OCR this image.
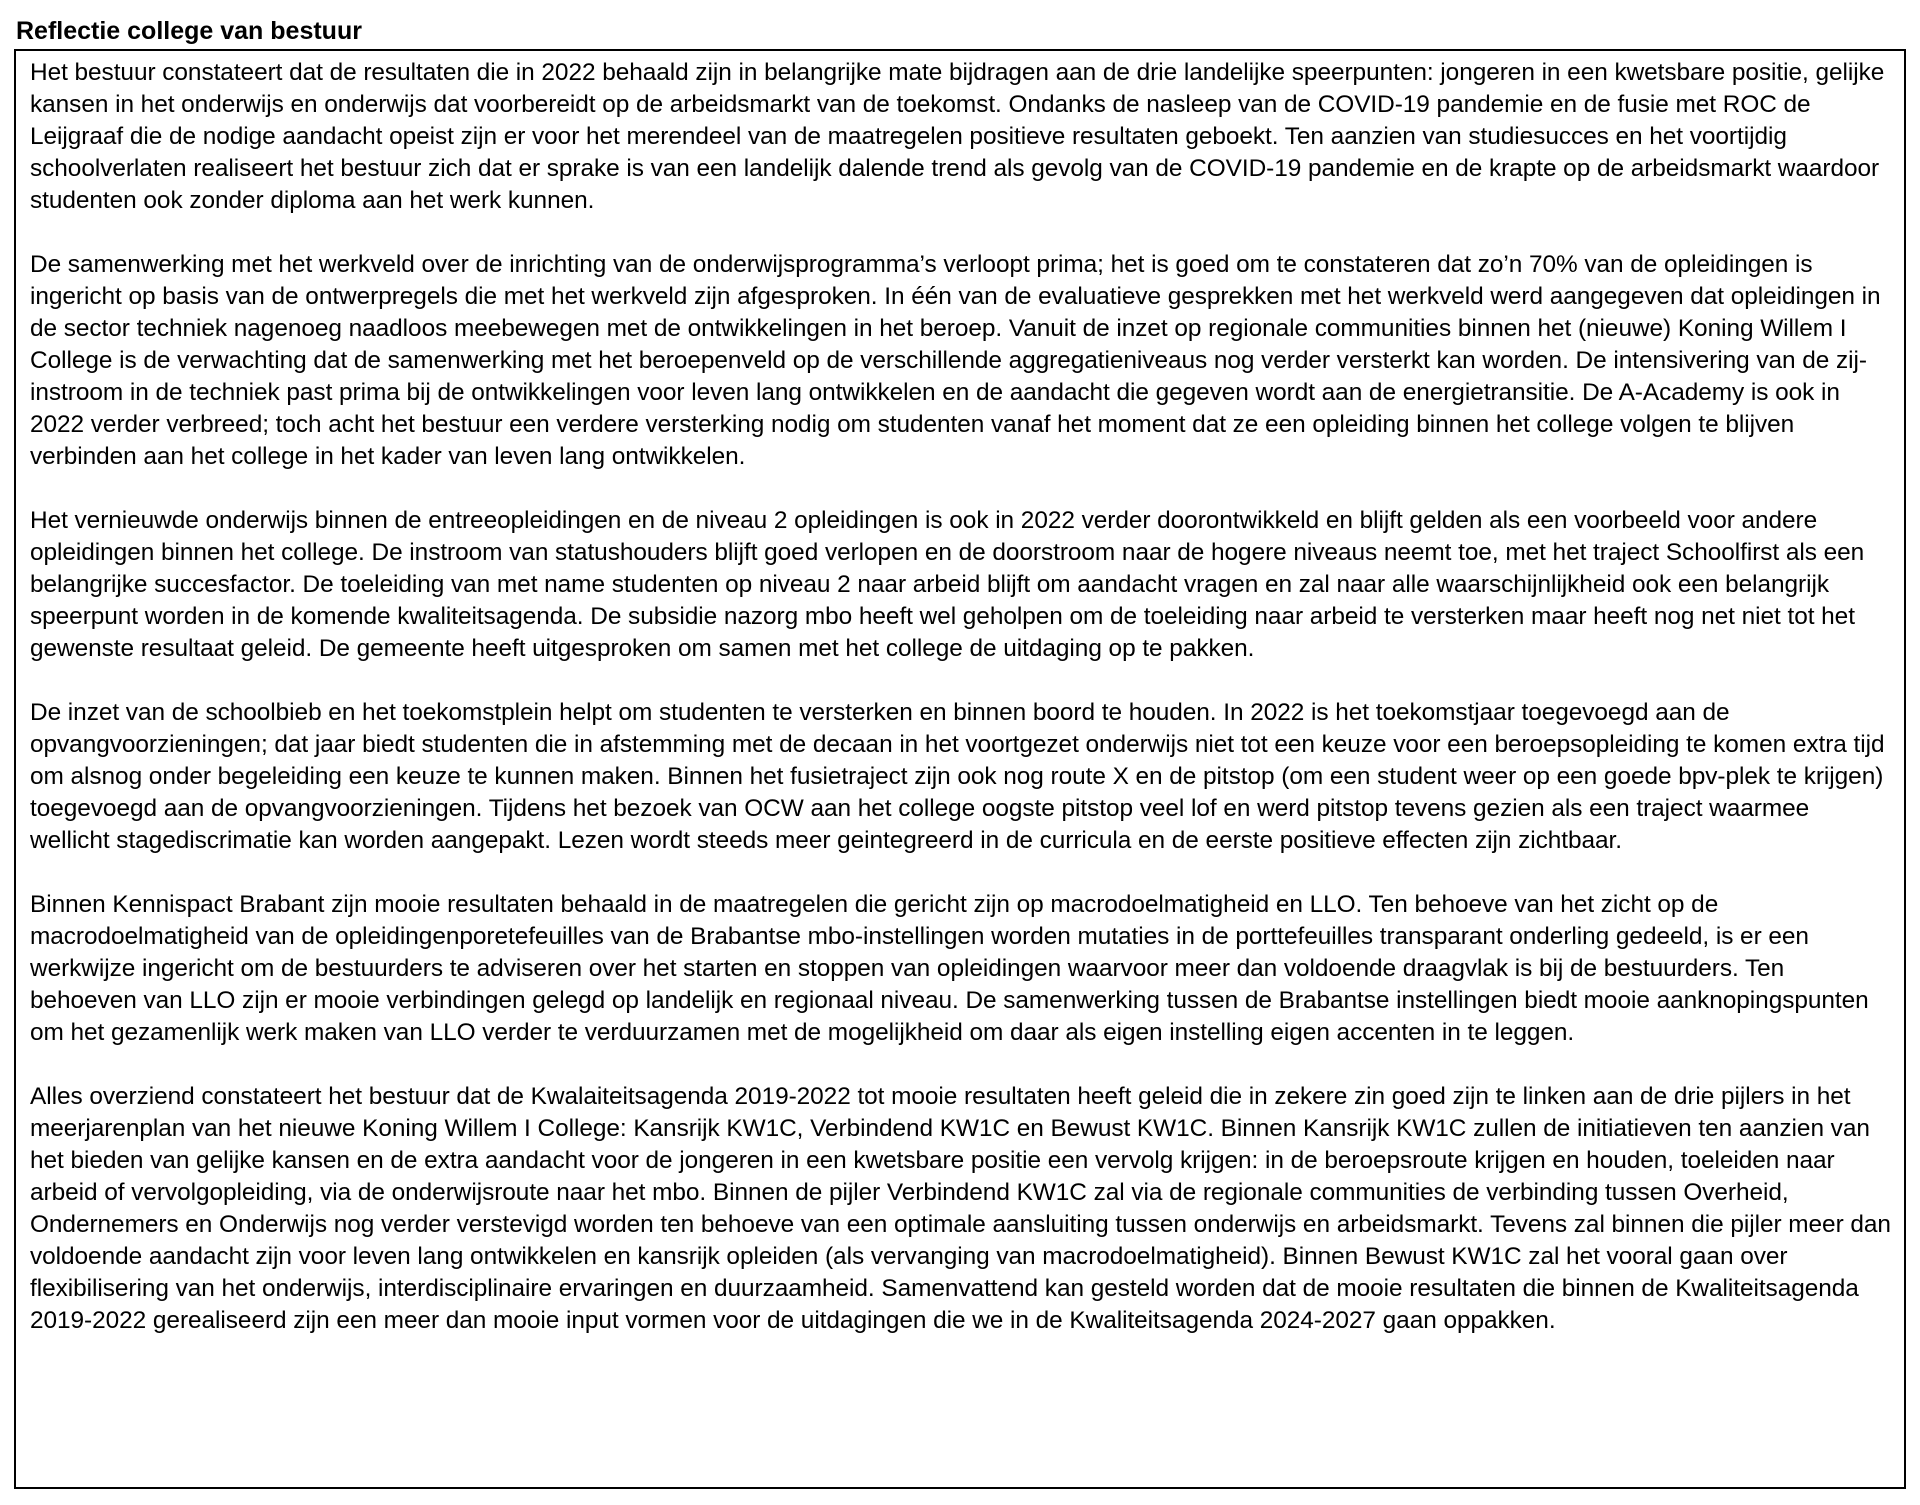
Reflectie college van bestuur

Het bestuur constateert dat de resultaten die in 2022 behaald zijn in belangrijke mate bijdragen aan de drie landelijke speerpunten: jongeren in een kwetsbare positie, gelijke kansen in het onderwijs en onderwijs dat voorbereidt op de arbeidsmarkt van de toekomst. Ondanks de nasleep van de COVID-19 pandemie en de fusie met ROC de Leijgraaf die de nodige aandacht opeist zijn er voor het merendeel van de maatregelen positieve resultaten geboekt. Ten aanzien van studiesucces en het voortijdig schoolverlaten realiseert het bestuur zich dat er sprake is van een landelijk dalende trend als gevolg van de COVID-19 pandemie en de krapte op de arbeidsmarkt waardoor studenten ook zonder diploma aan het werk kunnen.

De samenwerking met het werkveld over de inrichting van de onderwijsprogramma’s verloopt prima; het is goed om te constateren dat zo’n 70% van de opleidingen is ingericht op basis van de ontwerpregels die met het werkveld zijn afgesproken. In één van de evaluatieve gesprekken met het werkveld werd aangegeven dat opleidingen in de sector techniek nagenoeg naadloos meebewegen met de ontwikkelingen in het beroep. Vanuit de inzet op regionale communities binnen het (nieuwe) Koning Willem I College is de verwachting dat de samenwerking met het beroepenveld op de verschillende aggregatieniveaus nog verder versterkt kan worden. De intensivering van de zij-instroom in de techniek past prima bij de ontwikkelingen voor leven lang ontwikkelen en de aandacht die gegeven wordt aan de energietransitie. De A-Academy is ook in 2022 verder verbreed; toch acht het bestuur een verdere versterking nodig om studenten vanaf het moment dat ze een opleiding binnen het college volgen te blijven verbinden aan het college in het kader van leven lang ontwikkelen.

Het vernieuwde onderwijs binnen de entreeopleidingen en de niveau 2 opleidingen is ook in 2022 verder doorontwikkeld en blijft gelden als een voorbeeld voor andere opleidingen binnen het college. De instroom van statushouders blijft goed verlopen en de doorstroom naar de hogere niveaus neemt toe, met het traject Schoolfirst als een belangrijke succesfactor. De toeleiding van met name studenten op niveau 2 naar arbeid blijft om aandacht vragen en zal naar alle waarschijnlijkheid ook een belangrijk speerpunt worden in de komende kwaliteitsagenda. De subsidie nazorg mbo heeft wel geholpen om de toeleiding naar arbeid te versterken maar heeft nog net niet tot het gewenste resultaat geleid. De gemeente heeft uitgesproken om samen met het college de uitdaging op te pakken.

De inzet van de schoolbieb en het toekomstplein helpt om studenten te versterken en binnen boord te houden. In 2022 is het toekomstjaar toegevoegd aan de opvangvoorzieningen; dat jaar biedt studenten die in afstemming met de decaan in het voortgezet onderwijs niet tot een keuze voor een beroepsopleiding te komen extra tijd om alsnog onder begeleiding een keuze te kunnen maken. Binnen het fusietraject zijn ook nog route X en de pitstop (om een student weer op een goede bpv-plek te krijgen) toegevoegd aan de opvangvoorzieningen. Tijdens het bezoek van OCW aan het college oogste pitstop veel lof en werd pitstop tevens gezien als een traject waarmee wellicht stagediscrimatie kan worden aangepakt. Lezen wordt steeds meer geintegreerd in de curricula en de eerste positieve effecten zijn zichtbaar.

Binnen Kennispact Brabant zijn mooie resultaten behaald in de maatregelen die gericht zijn op macrodoelmatigheid en LLO. Ten behoeve van het zicht op de macrodoelmatigheid van de opleidingenporetefeuilles van de Brabantse mbo-instellingen worden mutaties in de porttefeuilles transparant onderling gedeeld, is er een werkwijze ingericht om de bestuurders te adviseren over het starten en stoppen van opleidingen waarvoor meer dan voldoende draagvlak is bij de bestuurders. Ten behoeven van LLO zijn er mooie verbindingen gelegd op landelijk en regionaal niveau. De samenwerking tussen de Brabantse instellingen biedt mooie aanknopingspunten om het gezamenlijk werk maken van LLO verder te verduurzamen met de mogelijkheid om daar als eigen instelling eigen accenten in te leggen.

Alles overziend constateert het bestuur dat de Kwalaiteitsagenda 2019-2022 tot mooie resultaten heeft geleid die in zekere zin goed zijn te linken aan de drie pijlers in het meerjarenplan van het nieuwe Koning Willem I College: Kansrijk KW1C, Verbindend KW1C en Bewust KW1C. Binnen Kansrijk KW1C zullen de initiatieven ten aanzien van het bieden van gelijke kansen en de extra aandacht voor de jongeren in een kwetsbare positie een vervolg krijgen: in de beroepsroute krijgen en houden, toeleiden naar arbeid of vervolgopleiding, via de onderwijsroute naar het mbo. Binnen de pijler Verbindend KW1C zal via de regionale communities de verbinding tussen Overheid, Ondernemers en Onderwijs nog verder verstevigd worden ten behoeve van een optimale aansluiting tussen onderwijs en arbeidsmarkt. Tevens zal binnen die pijler meer dan voldoende aandacht zijn voor leven lang ontwikkelen en kansrijk opleiden (als vervanging van macrodoelmatigheid). Binnen Bewust KW1C zal het vooral gaan over flexibilisering van het onderwijs, interdisciplinaire ervaringen en duurzaamheid. Samenvattend kan gesteld worden dat de mooie resultaten die binnen de Kwaliteitsagenda 2019-2022 gerealiseerd zijn een meer dan mooie input vormen voor de uitdagingen die we in de Kwaliteitsagenda 2024-2027 gaan oppakken.
